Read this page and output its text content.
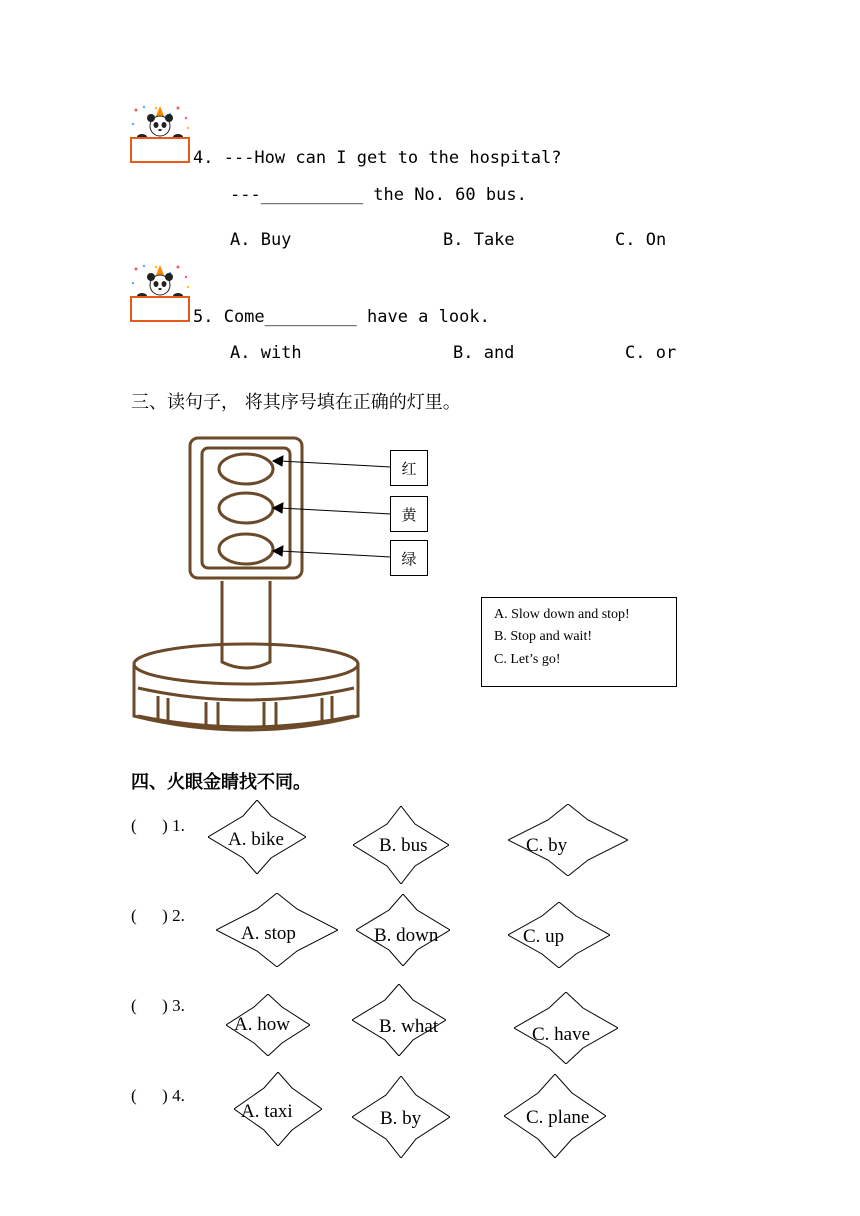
4. ---How can I get to the hospital?
---__________ the No. 60 bus.
A. Buy	B. Take	C. On
5. Come_________ have a look.
A. with	B. and	C. or
三、读句子， 将其序号填在正确的灯里。
红
黄
绿
A. Slow down and stop!
B. Stop and wait!
C. Let’s go!
四、火眼金睛找不同。
(      ) 1.
A. bike	B. bus	C. by
(      ) 2.
A. stop	B. down	C. up
(      ) 3.
A. how	B. what	C. have
(      ) 4.
A. taxi	B. by	C. plane
